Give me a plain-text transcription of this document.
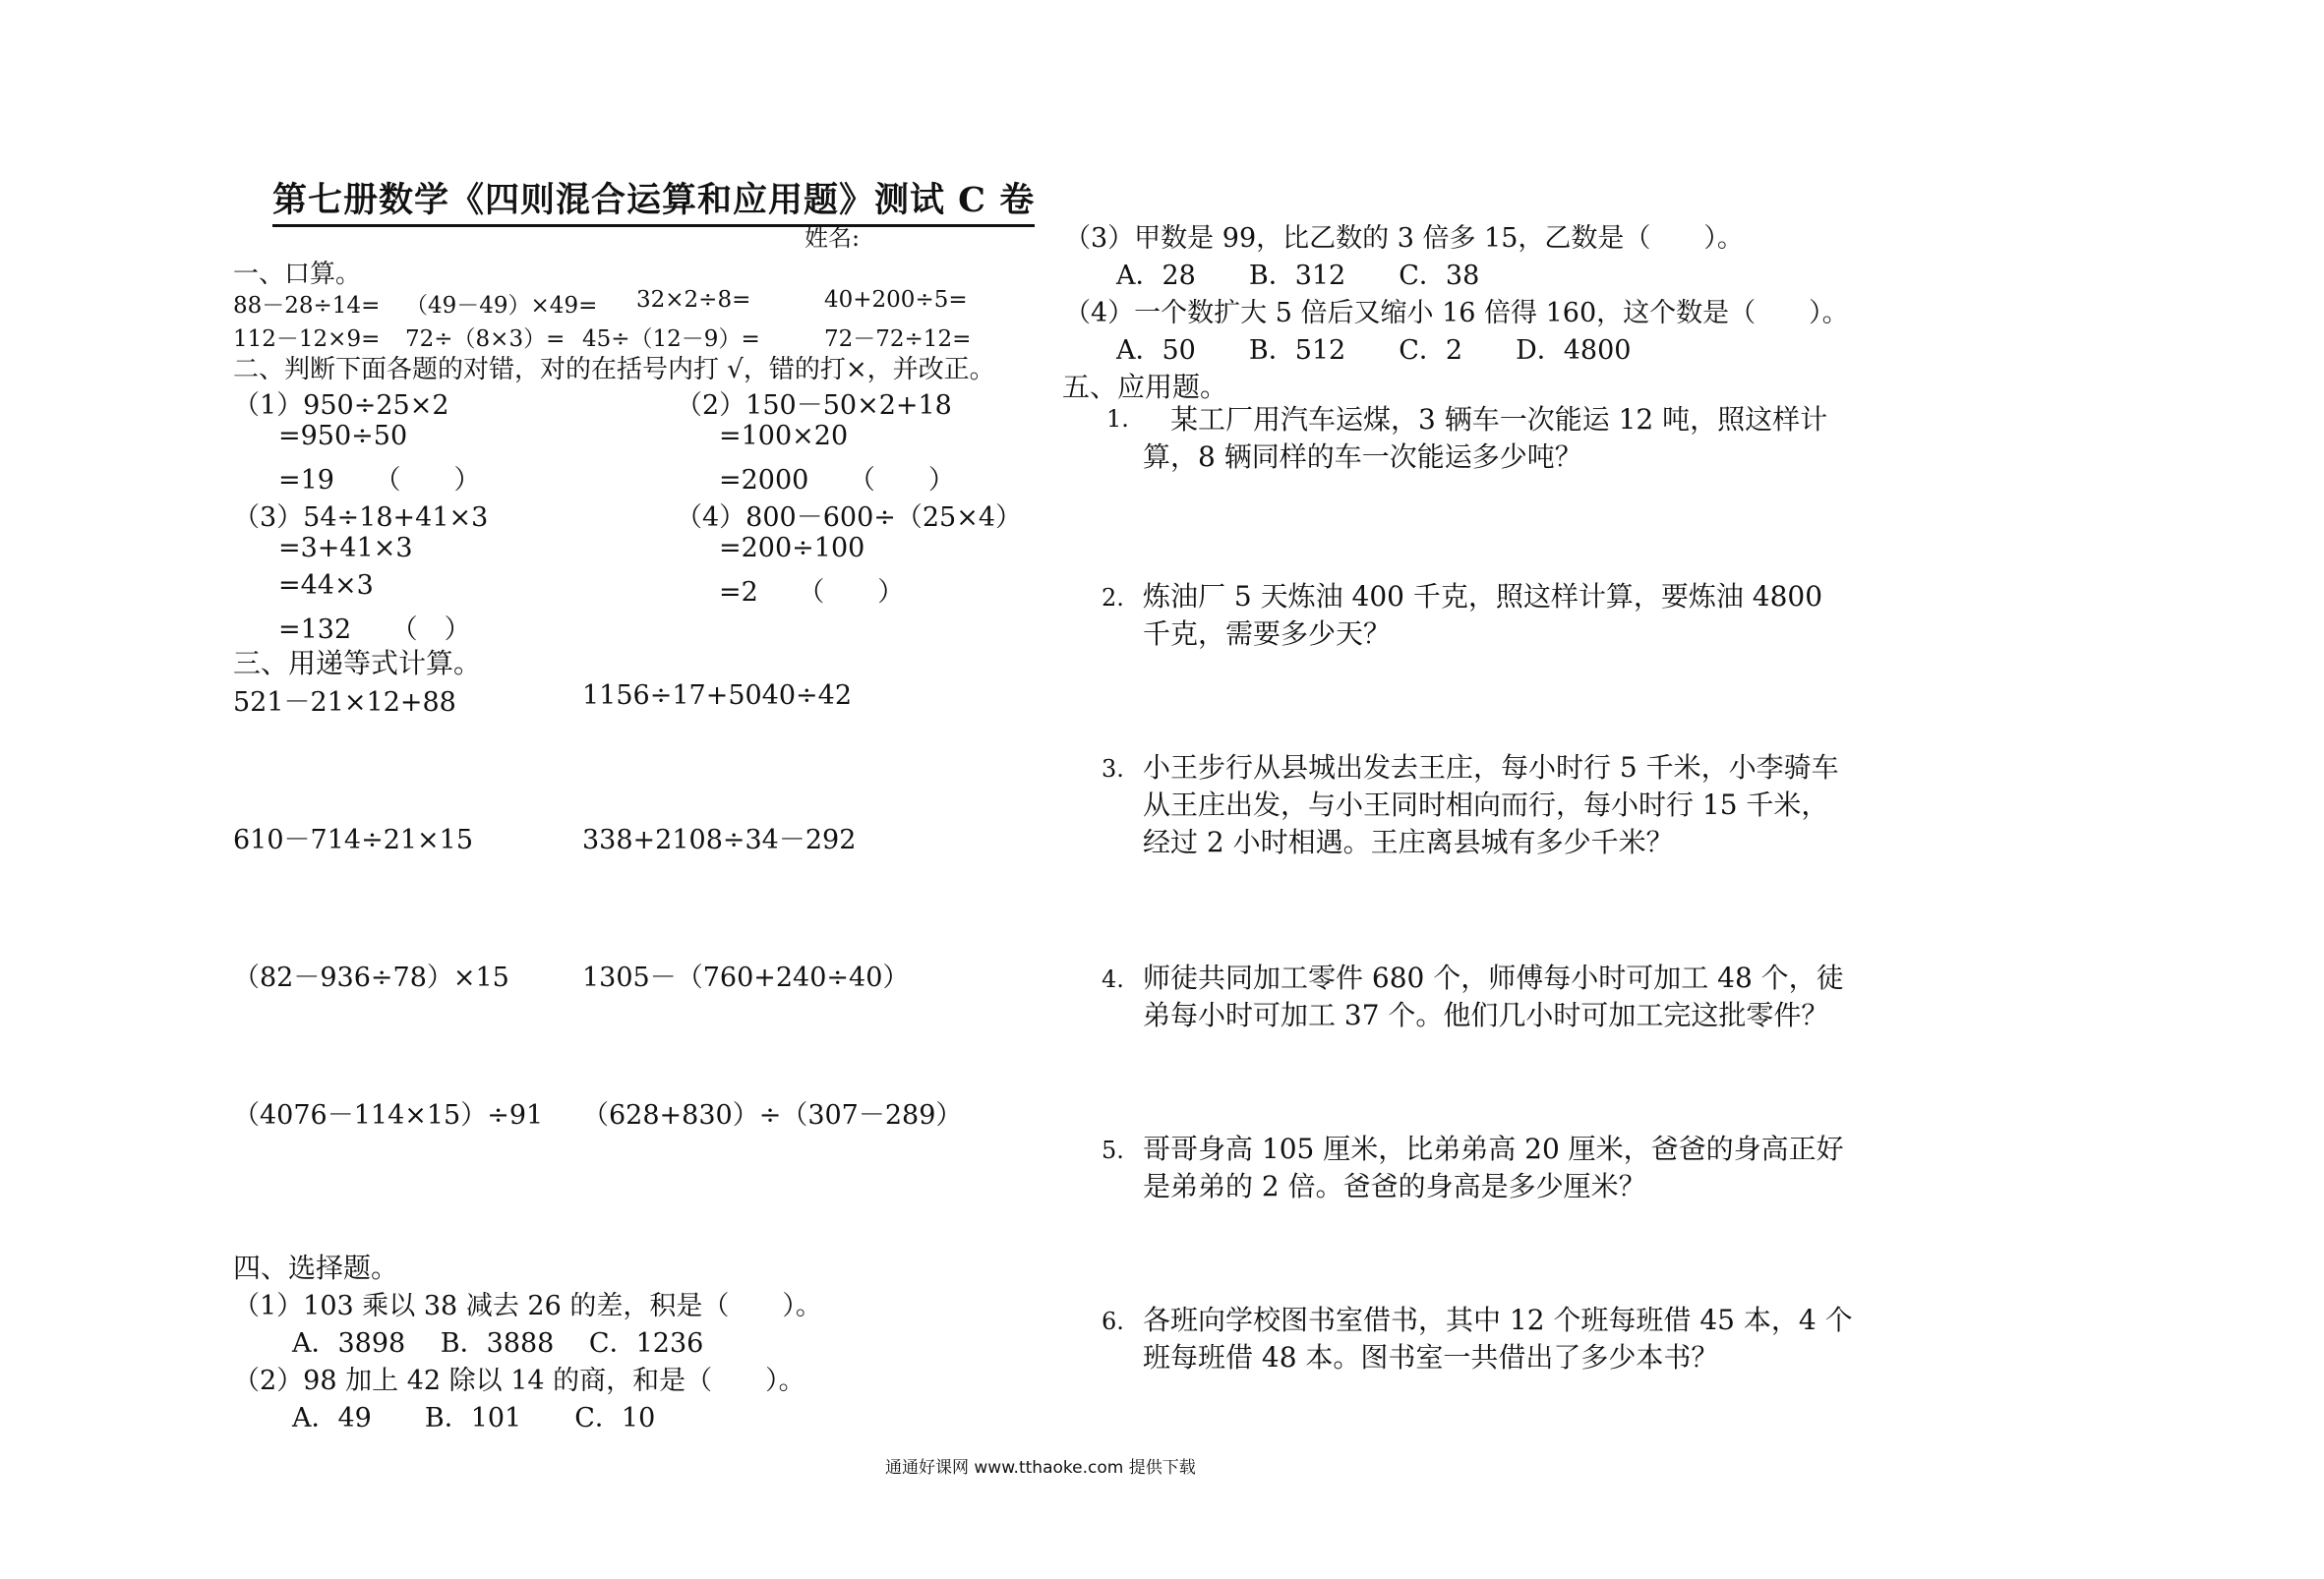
第七册数学《四则混合运算和应用题》测试 C 卷
姓名:
一、口算。
88－28÷14= （49－49）×49= 32×2÷8=	40+200÷5=
112－12×9= 72÷（8×3）= 45÷（12－9）=	72－72÷12=
二、判断下面各题的对错，对的在括号内打 √，错的打×，并改正。
（1）950÷25×2
=950÷50
=19　　（　　）
（2）150－50×2+18
=100×20
=2000　　（　　）
（3）54÷18+41×3
=3+41×3
=44×3
=132　　（　）
（4）800－600÷（25×4）
=200÷100
=2　　（　　）
三、用递等式计算。
521－21×12+88	1156÷17+5040÷42
610－714÷21×15	338+2108÷34－292
（82－936÷78）×15	1305－（760+240÷40）
（4076－114×15）÷91 （628+830）÷（307－289）
四、选择题。
（1）103 乘以 38 减去 26 的差，积是（　　）。
A．3898　 B．3888　 C．1236
（2）98 加上 42 除以 14 的商，和是（　　）。
A．49　　B．101　　C．10
（3）甲数是 99，比乙数的 3 倍多 15，乙数是（　　）。
A．28　　B．312　　C．38
（4）一个数扩大 5 倍后又缩小 16 倍得 160，这个数是（　　）。
A．50　　B．512　　C．2　　D．4800
五、应用题。
1. 　某工厂用汽车运煤，3 辆车一次能运 12 吨，照这样计算，8 辆同样的车一次能运多少吨？
2. 炼油厂 5 天炼油 400 千克，照这样计算，要炼油 4800 千克，需要多少天？
3. 小王步行从县城出发去王庄，每小时行 5 千米，小李骑车从王庄出发，与小王同时相向而行，每小时行 15 千米，经过 2 小时相遇。王庄离县城有多少千米？
4. 师徒共同加工零件 680 个，师傅每小时可加工 48 个，徒弟每小时可加工 37 个。他们几小时可加工完这批零件？
5. 哥哥身高 105 厘米，比弟弟高 20 厘米，爸爸的身高正好是弟弟的 2 倍。爸爸的身高是多少厘米？
6. 各班向学校图书室借书，其中 12 个班每班借 45 本，4 个班每班借 48 本。图书室一共借出了多少本书？
通通好课网 www.tthaoke.com 提供下载
